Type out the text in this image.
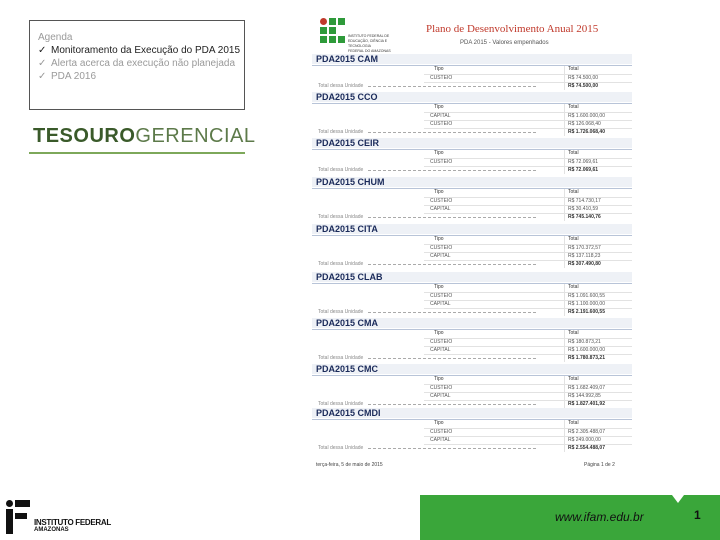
Agenda
✓ Monitoramento da Execução do PDA 2015
✓ Alerta acerca da execução não planejada
✓ PDA 2016
TESOUROGERENCIAL
INSTITUTO FEDERAL DE
EDUCAÇÃO, CIÊNCIA E TECNOLOGIA
FEDERAL DO AMAZONAS
Plano de Desenvolvimento Anual 2015
PDA 2015 - Valores empenhados
PDA2015 CAM
Tipo	Total
CUSTEIO	R$ 74.500,00
Total dessa Unidade	R$ 74.500,00
PDA2015 CCO
Tipo	Total
CAPITAL	R$ 1.600.000,00
CUSTEIO	R$ 126.068,40
Total dessa Unidade	R$ 1.726.068,40
PDA2015 CEIR
Tipo	Total
CUSTEIO	R$ 72.069,61
Total dessa Unidade	R$ 72.069,61
PDA2015 CHUM
Tipo	Total
CUSTEIO	R$ 714.730,17
CAPITAL	R$ 30.410,59
Total dessa Unidade	R$ 745.140,76
PDA2015 CITA
Tipo	Total
CUSTEIO	R$ 170.372,57
CAPITAL	R$ 137.118,23
Total dessa Unidade	R$ 307.490,80
PDA2015 CLAB
Tipo	Total
CUSTEIO	R$ 1.091.600,55
CAPITAL	R$ 1.100.000,00
Total dessa Unidade	R$ 2.191.600,55
PDA2015 CMA
Tipo	Total
CUSTEIO	R$ 180.873,21
CAPITAL	R$ 1.600.000,00
Total dessa Unidade	R$ 1.780.873,21
PDA2015 CMC
Tipo	Total
CUSTEIO	R$ 1.682.409,07
CAPITAL	R$ 144.992,85
Total dessa Unidade	R$ 1.827.401,92
PDA2015 CMDI
Tipo	Total
CUSTEIO	R$ 2.305.488,07
CAPITAL	R$ 249.000,00
Total dessa Unidade	R$ 2.554.488,07
terça-feira, 5 de maio de 2015	Página 1 de 2
www.ifam.edu.br	1
INSTITUTO FEDERAL
AMAZONAS
